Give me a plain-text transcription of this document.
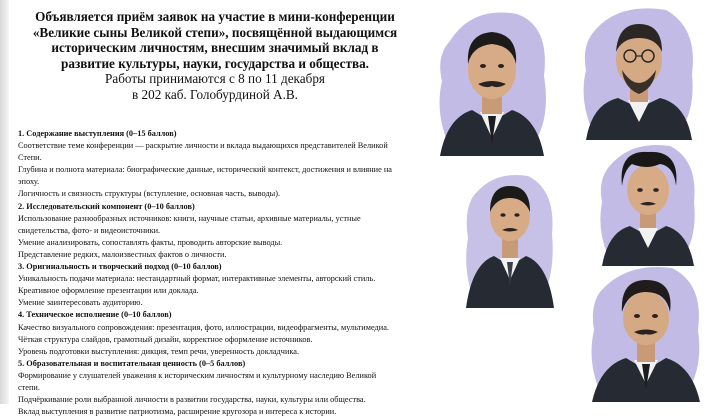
Объявляется приём заявок на участие в мини-конференции
«Великие сыны Великой степи», посвящённой выдающимся
историческим личностям, внесшим значимый вклад в
развитие культуры, науки, государства и общества.
Работы принимаются с 8 по 11 декабря
в 202 каб. Голобурдиной А.В.
1. Содержание выступления (0–15 баллов)
Соответствие теме конференции — раскрытие личности и вклада выдающихся представителей Великой
Степи.
Глубина и полнота материала: биографические данные, исторический контекст, достижения и влияние на
эпоху.
Логичность и связность структуры (вступление, основная часть, выводы).
2. Исследовательский компонент (0–10 баллов)
Использование разнообразных источников: книги, научные статьи, архивные материалы, устные
свидетельства, фото- и видеоисточники.
Умение анализировать, сопоставлять факты, проводить авторские выводы.
Представление редких, малоизвестных фактов о личности.
3. Оригинальность и творческий подход (0–10 баллов)
Уникальность подачи материала: нестандартный формат, интерактивные элементы, авторский стиль.
Креативное оформление презентации или доклада.
Умение заинтересовать аудиторию.
4. Техническое исполнение (0–10 баллов)
Качество визуального сопровождения: презентация, фото, иллюстрации, видеофрагменты, мультимедиа.
Чёткая структура слайдов, грамотный дизайн, корректное оформление источников.
Уровень подготовки выступления: дикция, темп речи, уверенность докладчика.
5. Образовательная и воспитательная ценность (0–5 баллов)
Формирование у слушателей уважения к историческим личностям и культурному наследию Великой
степи.
Подчёркивание роли выбранной личности в развитии государства, науки, культуры или общества.
Вклад выступления в развитие патриотизма, расширение кругозора и интереса к истории.
